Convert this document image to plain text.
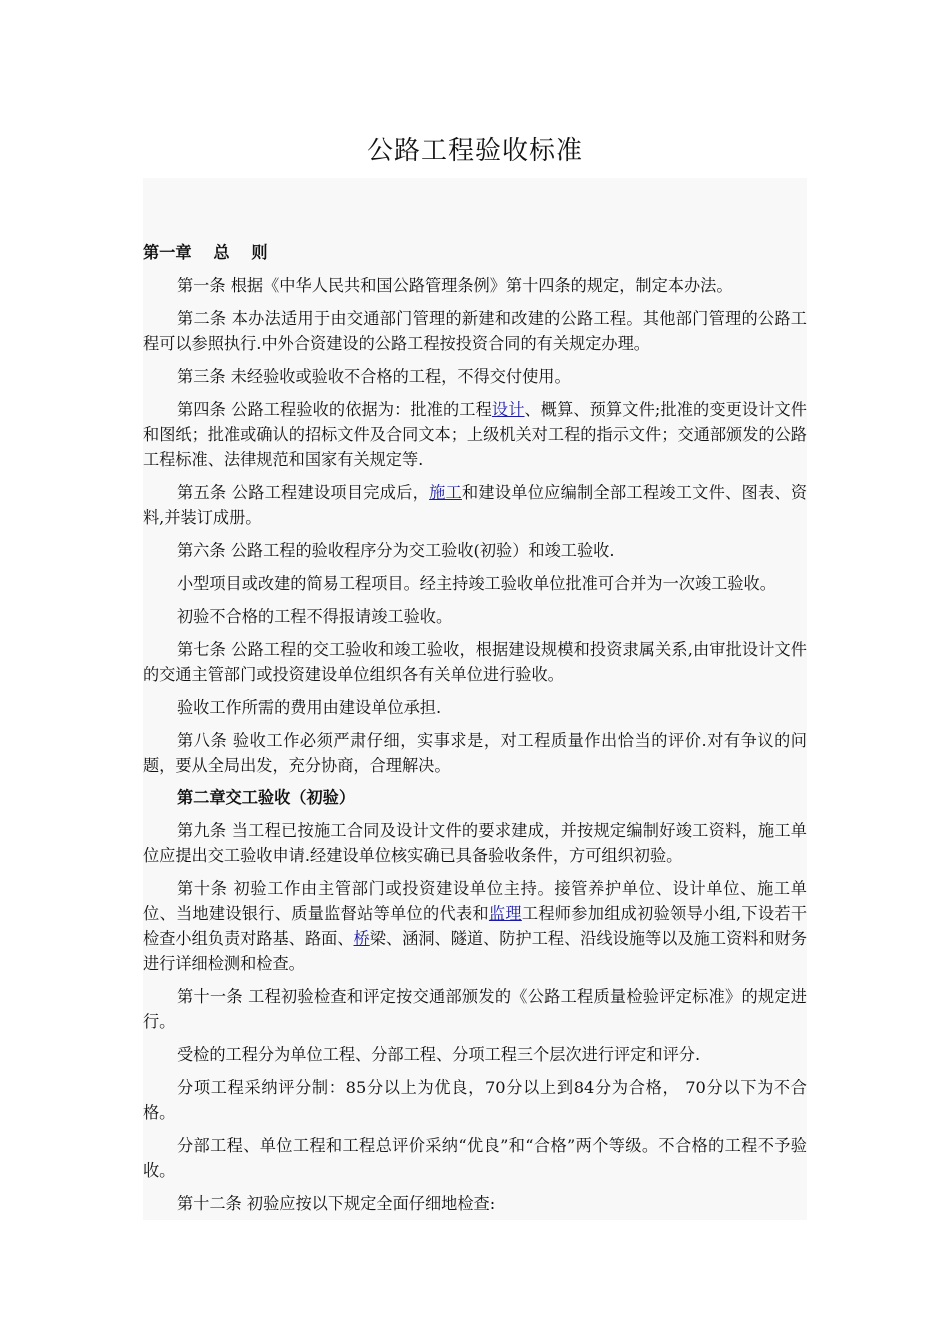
公路工程验收标准
第一章　 总　 则

第一条 根据《中华人民共和国公路管理条例》第十四条的规定，制定本办法。

第二条 本办法适用于由交通部门管理的新建和改建的公路工程。其他部门管理的公路工程可以参照执行.中外合资建设的公路工程按投资合同的有关规定办理。

第三条 未经验收或验收不合格的工程，不得交付使用。

第四条 公路工程验收的依据为：批准的工程设计、概算、预算文件;批准的变更设计文件和图纸；批准或确认的招标文件及合同文本；上级机关对工程的指示文件；交通部颁发的公路工程标准、法律规范和国家有关规定等.

第五条 公路工程建设项目完成后，施工和建设单位应编制全部工程竣工文件、图表、资料,并装订成册。

第六条 公路工程的验收程序分为交工验收(初验）和竣工验收.

小型项目或改建的简易工程项目。经主持竣工验收单位批准可合并为一次竣工验收。

初验不合格的工程不得报请竣工验收。

第七条 公路工程的交工验收和竣工验收，根据建设规模和投资隶属关系,由审批设计文件的交通主管部门或投资建设单位组织各有关单位进行验收。

验收工作所需的费用由建设单位承担.

第八条 验收工作必须严肃仔细，实事求是，对工程质量作出恰当的评价.对有争议的问题，要从全局出发，充分协商，合理解决。

第二章交工验收（初验）

第九条 当工程已按施工合同及设计文件的要求建成，并按规定编制好竣工资料，施工单位应提出交工验收申请.经建设单位核实确已具备验收条件，方可组织初验。

第十条 初验工作由主管部门或投资建设单位主持。接管养护单位、设计单位、施工单位、当地建设银行、质量监督站等单位的代表和监理工程师参加组成初验领导小组,下设若干检查小组负责对路基、路面、桥梁、涵洞、隧道、防护工程、沿线设施等以及施工资料和财务进行详细检测和检查。

第十一条 工程初验检查和评定按交通部颁发的《公路工程质量检验评定标准》的规定进行。

受检的工程分为单位工程、分部工程、分项工程三个层次进行评定和评分.

分项工程采纳评分制：85分以上为优良，70分以上到84分为合格， 70分以下为不合格。

分部工程、单位工程和工程总评价采纳“优良”和“合格”两个等级。不合格的工程不予验收。

第十二条 初验应按以下规定全面仔细地检查:
